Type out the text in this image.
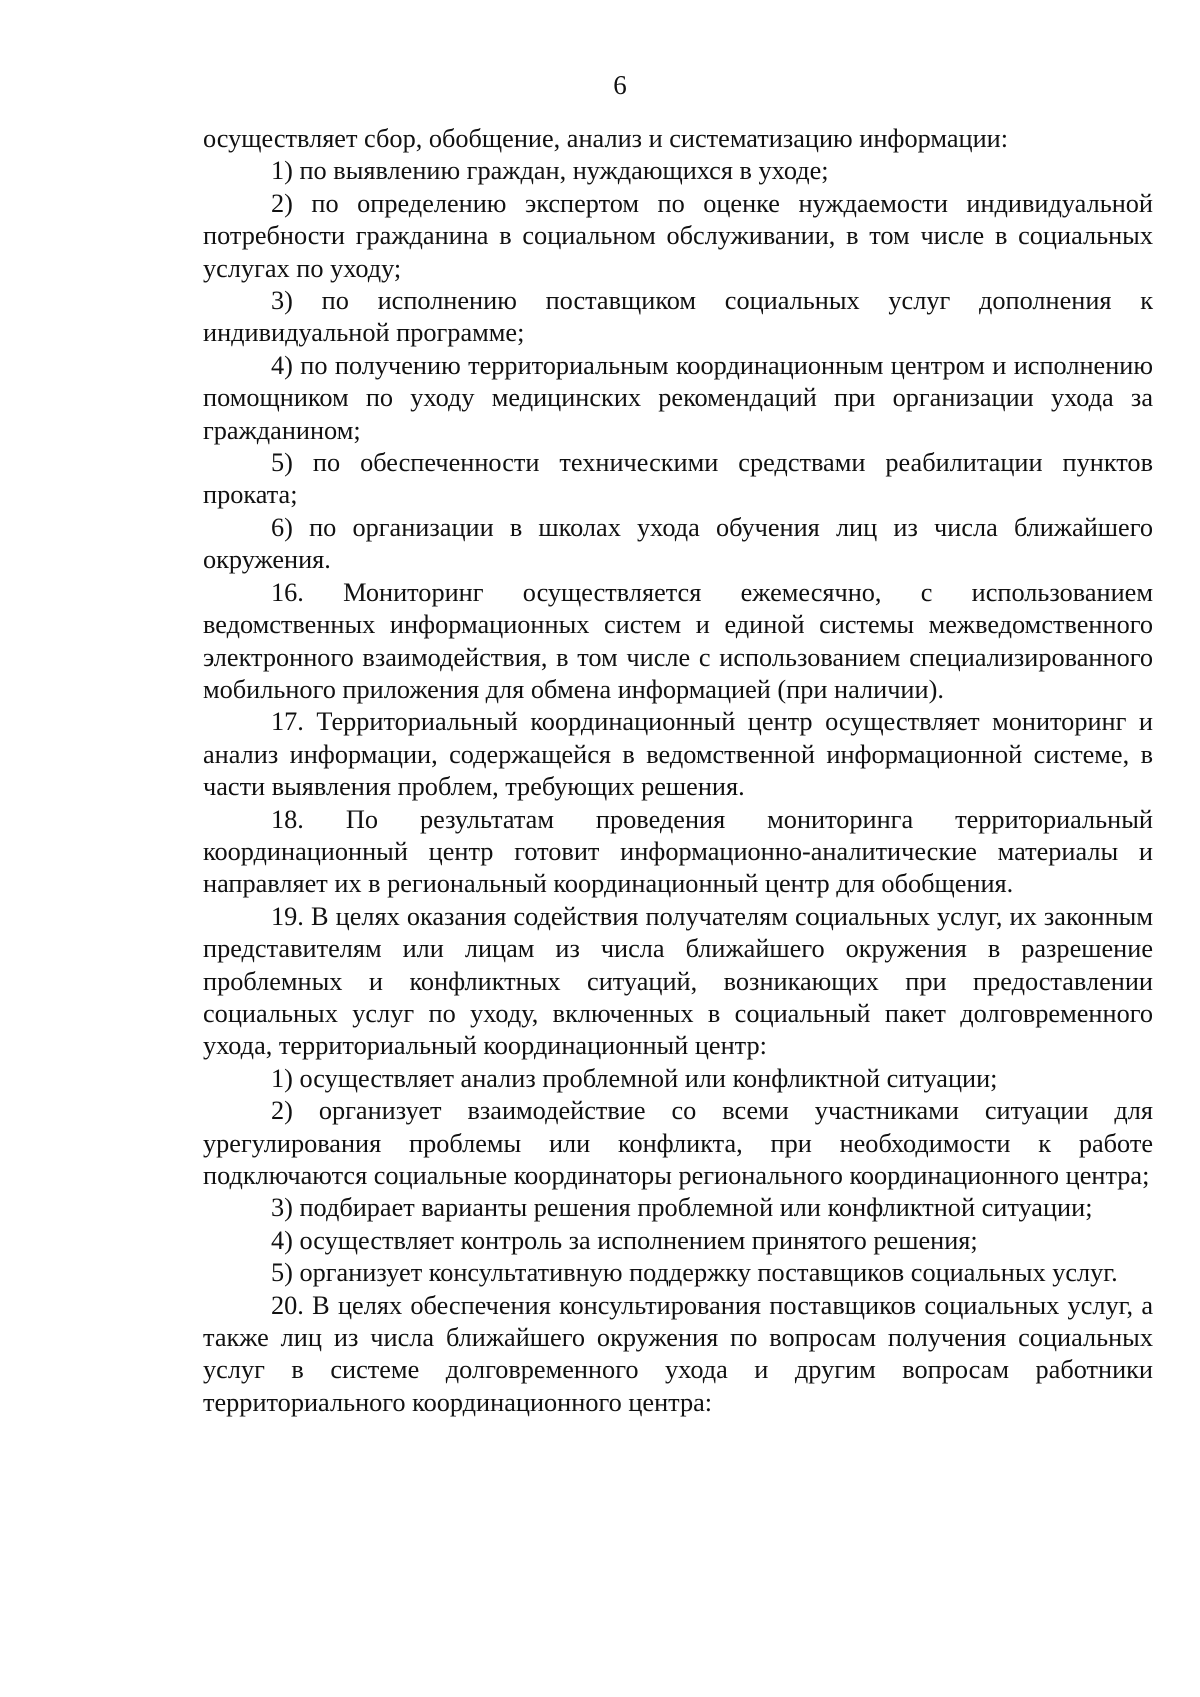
6

осуществляет сбор, обобщение, анализ и систематизацию информации:

1) по выявлению граждан, нуждающихся в уходе;

2) по определению экспертом по оценке нуждаемости индивидуальной потребности гражданина в социальном обслуживании, в том числе в социальных услугах по уходу;

3) по исполнению поставщиком социальных услуг дополнения к индивидуальной программе;

4) по получению территориальным координационным центром и исполнению помощником по уходу медицинских рекомендаций при организации ухода за гражданином;

5) по обеспеченности техническими средствами реабилитации пунктов проката;

6) по организации в школах ухода обучения лиц из числа ближайшего окружения.

16. Мониторинг осуществляется ежемесячно, с использованием ведомственных информационных систем и единой системы межведомственного электронного взаимодействия, в том числе с использованием специализированного мобильного приложения для обмена информацией (при наличии).

17. Территориальный координационный центр осуществляет мониторинг и анализ информации, содержащейся в ведомственной информационной системе, в части выявления проблем, требующих решения.

18. По результатам проведения мониторинга территориальный координационный центр готовит информационно-аналитические материалы и направляет их в региональный координационный центр для обобщения.

19. В целях оказания содействия получателям социальных услуг, их законным представителям или лицам из числа ближайшего окружения в разрешение проблемных и конфликтных ситуаций, возникающих при предоставлении социальных услуг по уходу, включенных в социальный пакет долговременного ухода, территориальный координационный центр:

1) осуществляет анализ проблемной или конфликтной ситуации;

2) организует взаимодействие со всеми участниками ситуации для урегулирования проблемы или конфликта, при необходимости к работе подключаются социальные координаторы регионального координационного центра;

3) подбирает варианты решения проблемной или конфликтной ситуации;

4) осуществляет контроль за исполнением принятого решения;

5) организует консультативную поддержку поставщиков социальных услуг.

20. В целях обеспечения консультирования поставщиков социальных услуг, а также лиц из числа ближайшего окружения по вопросам получения социальных услуг в системе долговременного ухода и другим вопросам работники территориального координационного центра:
